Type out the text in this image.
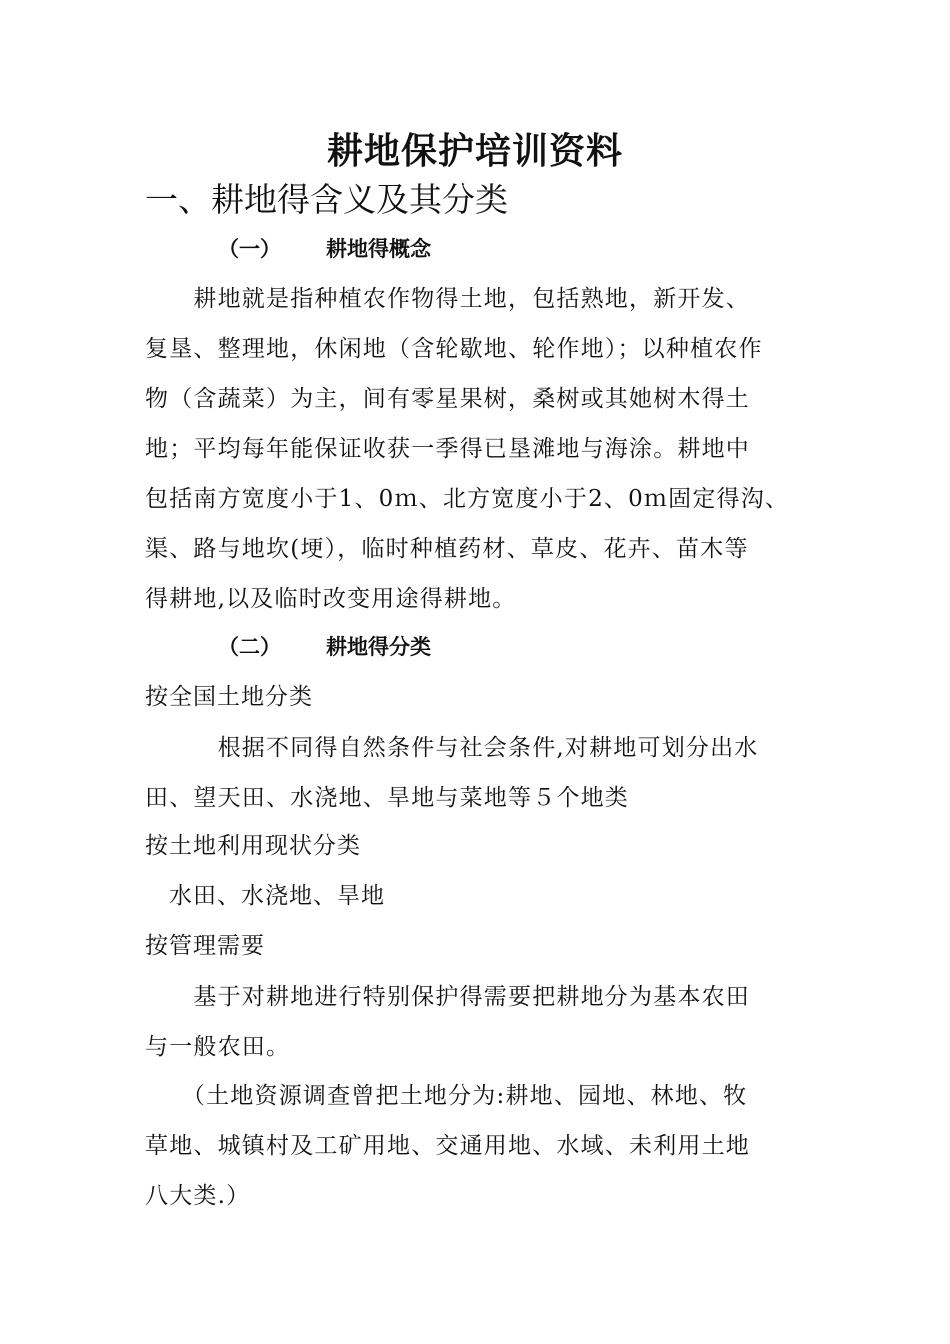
耕地保护培训资料
一、耕地得含义及其分类
（一） 耕地得概念

　　耕地就是指种植农作物得土地，包括熟地，新开发、
复垦、整理地，休闲地（含轮歇地、轮作地）；以种植农作
物（含蔬菜）为主，间有零星果树，桑树或其她树木得土
地；平均每年能保证收获一季得已垦滩地与海涂。耕地中
包括南方宽度小于1、0ｍ、北方宽度小于2、0ｍ固定得沟、
渠、路与地坎(埂），临时种植药材、草皮、花卉、苗木等
得耕地,以及临时改变用途得耕地。

（二） 耕地得分类

按全国土地分类

　　　根据不同得自然条件与社会条件,对耕地可划分出水
田、望天田、水浇地、旱地与菜地等５个地类

按土地利用现状分类

　水田、水浇地、旱地

按管理需要

　　基于对耕地进行特别保护得需要把耕地分为基本农田
与一般农田。

　　（土地资源调查曾把土地分为:耕地、园地、林地、牧
草地、城镇村及工矿用地、交通用地、水域、未利用土地
八大类.）
